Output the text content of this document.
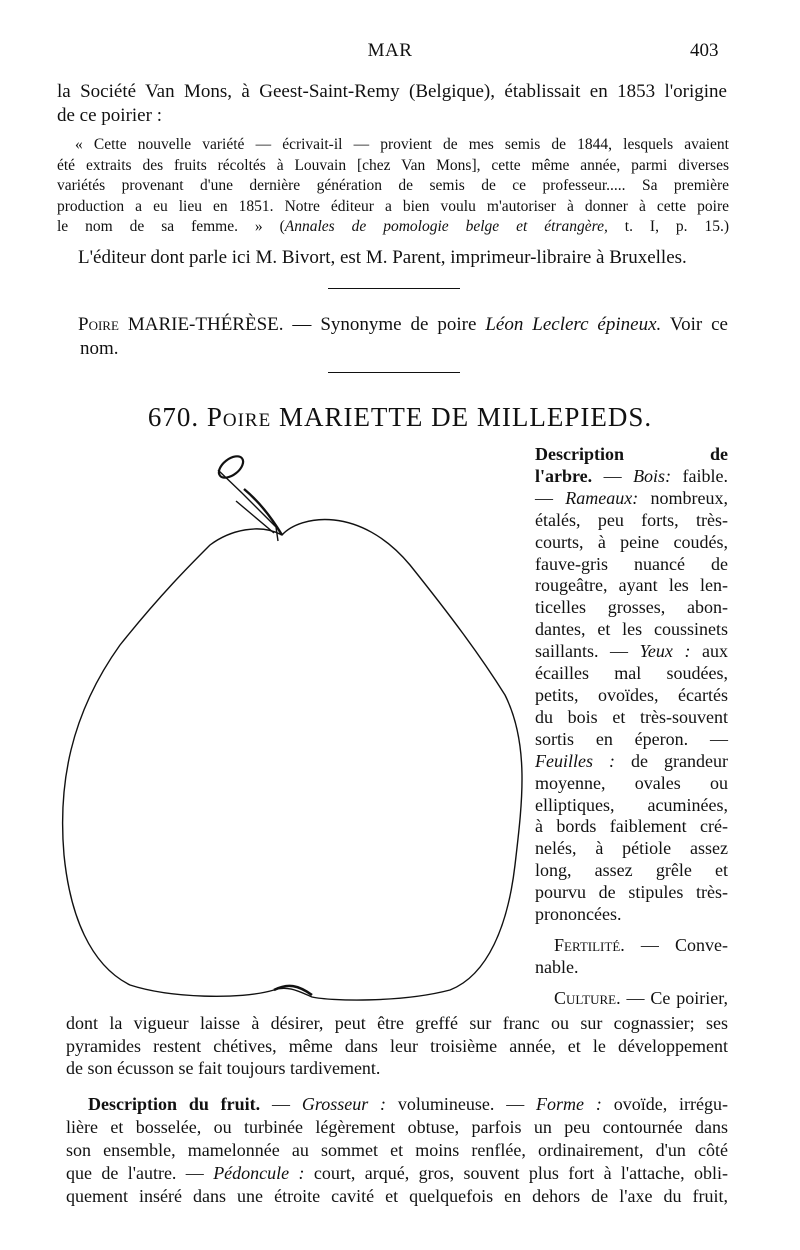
MAR	403
la Société Van Mons, à Geest-Saint-Remy (Belgique), établissait en 1853 l'origine
de ce poirier :
« Cette nouvelle variété — écrivait-il — provient de mes semis de 1844, lesquels avaient
été extraits des fruits récoltés à Louvain [chez Van Mons], cette même année, parmi diverses
variétés provenant d'une dernière génération de semis de ce professeur..... Sa première
production a eu lieu en 1851. Notre éditeur a bien voulu m'autoriser à donner à cette poire
le nom de sa femme. » (Annales de pomologie belge et étrangère, t. I, p. 15.)
L'éditeur dont parle ici M. Bivort, est M. Parent, imprimeur-libraire à Bruxelles.
Poire MARIE-THÉRÈSE. — Synonyme de poire Léon Leclerc épineux. Voir ce
nom.
670. Poire MARIETTE DE MILLEPIEDS.
Description de
l'arbre. — Bois: faible.
— Rameaux: nombreux,
étalés, peu forts, très-
courts, à peine coudés,
fauve-gris nuancé de
rougeâtre, ayant les len-
ticelles grosses, abon-
dantes, et les coussinets
saillants. — Yeux : aux
écailles mal soudées,
petits, ovoïdes, écartés
du bois et très-souvent
sortis en éperon. —
Feuilles : de grandeur
moyenne, ovales ou
elliptiques, acuminées,
à bords faiblement cré-
nelés, à pétiole assez
long, assez grêle et
pourvu de stipules très-
prononcées.
Fertilité. — Conve-
nable.
Culture. — Ce poirier,
dont la vigueur laisse à désirer, peut être greffé sur franc ou sur cognassier; ses
pyramides restent chétives, même dans leur troisième année, et le développement
de son écusson se fait toujours tardivement.
Description du fruit. — Grosseur : volumineuse. — Forme : ovoïde, irrégu-
lière et bosselée, ou turbinée légèrement obtuse, parfois un peu contournée dans
son ensemble, mamelonnée au sommet et moins renflée, ordinairement, d'un côté
que de l'autre. — Pédoncule : court, arqué, gros, souvent plus fort à l'attache, obli-
quement inséré dans une étroite cavité et quelquefois en dehors de l'axe du fruit,
